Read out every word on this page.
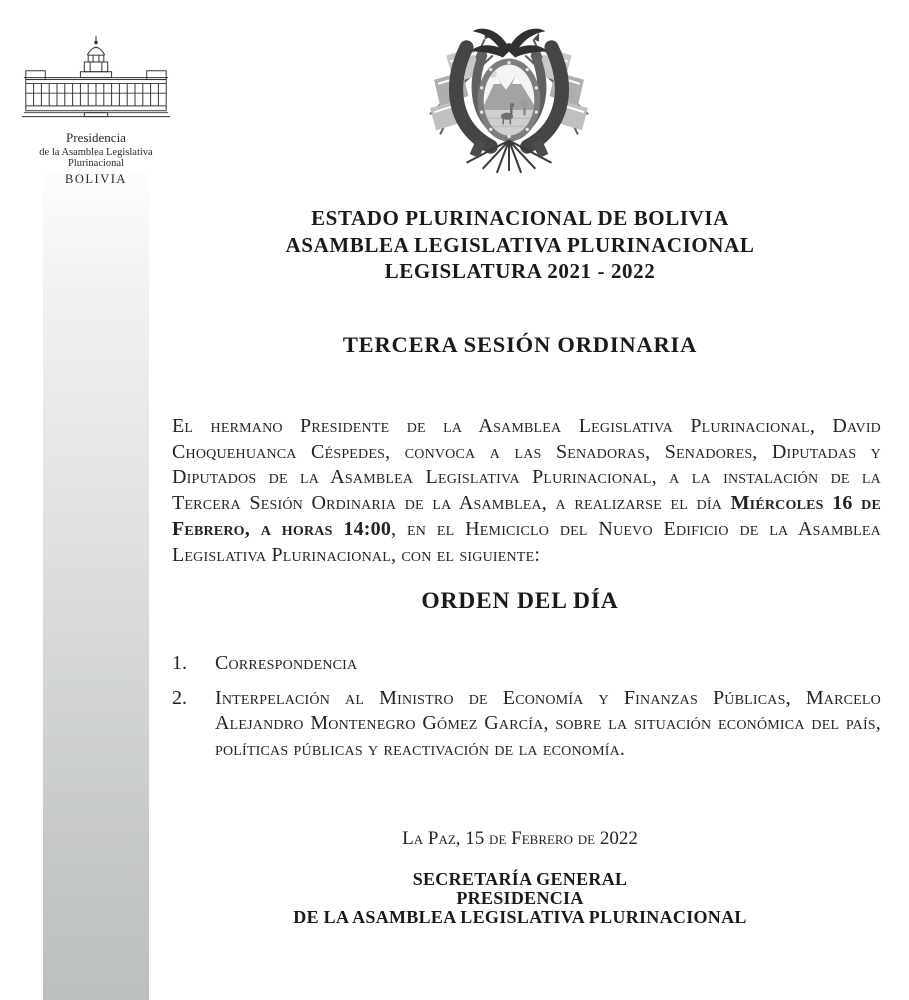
Presidencia
de la Asamblea Legislativa Plurinacional
BOLIVIA
ESTADO PLURINACIONAL DE BOLIVIA
ASAMBLEA LEGISLATIVA PLURINACIONAL
LEGISLATURA 2021 - 2022
TERCERA SESIÓN ORDINARIA

El hermano Presidente de la Asamblea Legislativa Plurinacional, David Choquehuanca Céspedes, convoca a las Senadoras, Senadores, Diputadas y Diputados de la Asamblea Legislativa Plurinacional, a la instalación de la Tercera Sesión Ordinaria de la Asamblea, a realizarse el día Miércoles 16 de Febrero, a horas 14:00, en el Hemiciclo del Nuevo Edificio de la Asamblea Legislativa Plurinacional, con el siguiente:

ORDEN DEL DÍA
1.	Correspondencia
2.	Interpelación al Ministro de Economía y Finanzas Públicas, Marcelo Alejandro Montenegro Gómez García, sobre la situación económica del país, políticas públicas y reactivación de la economía.
La Paz, 15 de Febrero de 2022
SECRETARÍA GENERAL
PRESIDENCIA
DE LA ASAMBLEA LEGISLATIVA PLURINACIONAL
